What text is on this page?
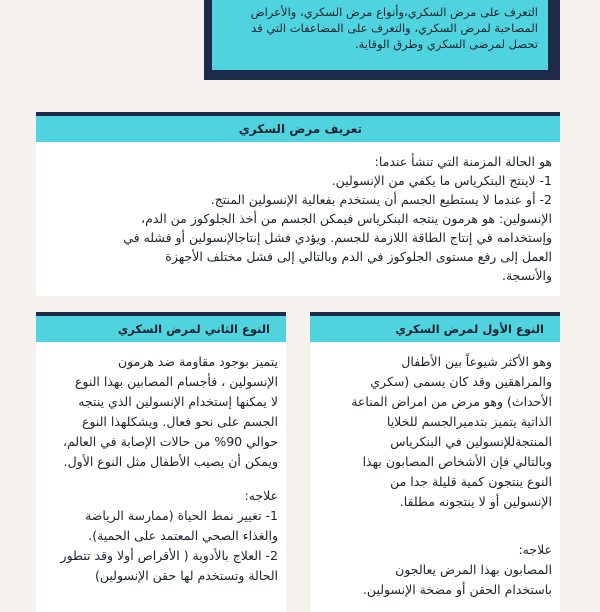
التعرف على مرض السكري،وأنواع مرض السكري، والأعراض المصاحبة لمرض السكري، والتعرف على المضاعفات التي قد تحصل لمرضى السكري وطرق الوقاية.

تعريف مرض السكري
هو الحالة المزمنة التي تنشأ عندما:
1- لاينتج البنكرياس ما يكفي من الإنسولين.
2- أو عندما لا يستطيع الجسم أن يستخدم بفعالية الإنسولين المنتج.
الإنسولين: هو هرمون ينتجه البنكرياس فيمكن الجسم من أخذ الجلوكوز من الدم،
وإستخدامه في إنتاج الطاقة اللازمة للجسم. ويؤدي فشل إنتاجالإنسولين أو فشله في
العمل إلى رفع مستوى الجلوكوز في الدم وبالتالي إلى فشل مختلف الأجهزة
والأنسجة.
النوع الثاني لمرض السكري
يتميز بوجود مقاومة ضد هرمون
الإنسولين ، فأجسام المصابين بهذا النوع
لا يمكنها إستخدام الإنسولين الذي ينتجه
الجسم على نحو فعال. ويشكلهذا النوع
حوالي 90% من حالات الإصابة في العالم،
ويمكن أن يصيب الأطفال مثل النوع الأول.
علاجه:
1- تغيير نمط الحياة (ممارسة الرياضة
والغذاء الصحي المعتمد على الحمية).
2- العلاج بالأدوية ( الأقراص أولا وقد تتطور
الحالة وتستخدم لها حقن الإنسولين)
النوع الأول لمرض السكري
وهو الأكثر شيوعاً بين الأطفال
والمراهقين وقد كان يسمى (سكري
الأحداث) وهو مرض من امراض المناعة
الذاتية يتميز بتدميرالجسم للخلايا
المنتجةللإنسولين في البنكرياس
وبالتالي فإن الأشخاص المصابون بهذا
النوع ينتجون كمية قليلة جدا من
الإنسولين أو لا ينتجونه مطلقا.
علاجه:
المصابون بهذا المرض يعالجون
باستخدام الحقن أو مضخة الإنسولين.
